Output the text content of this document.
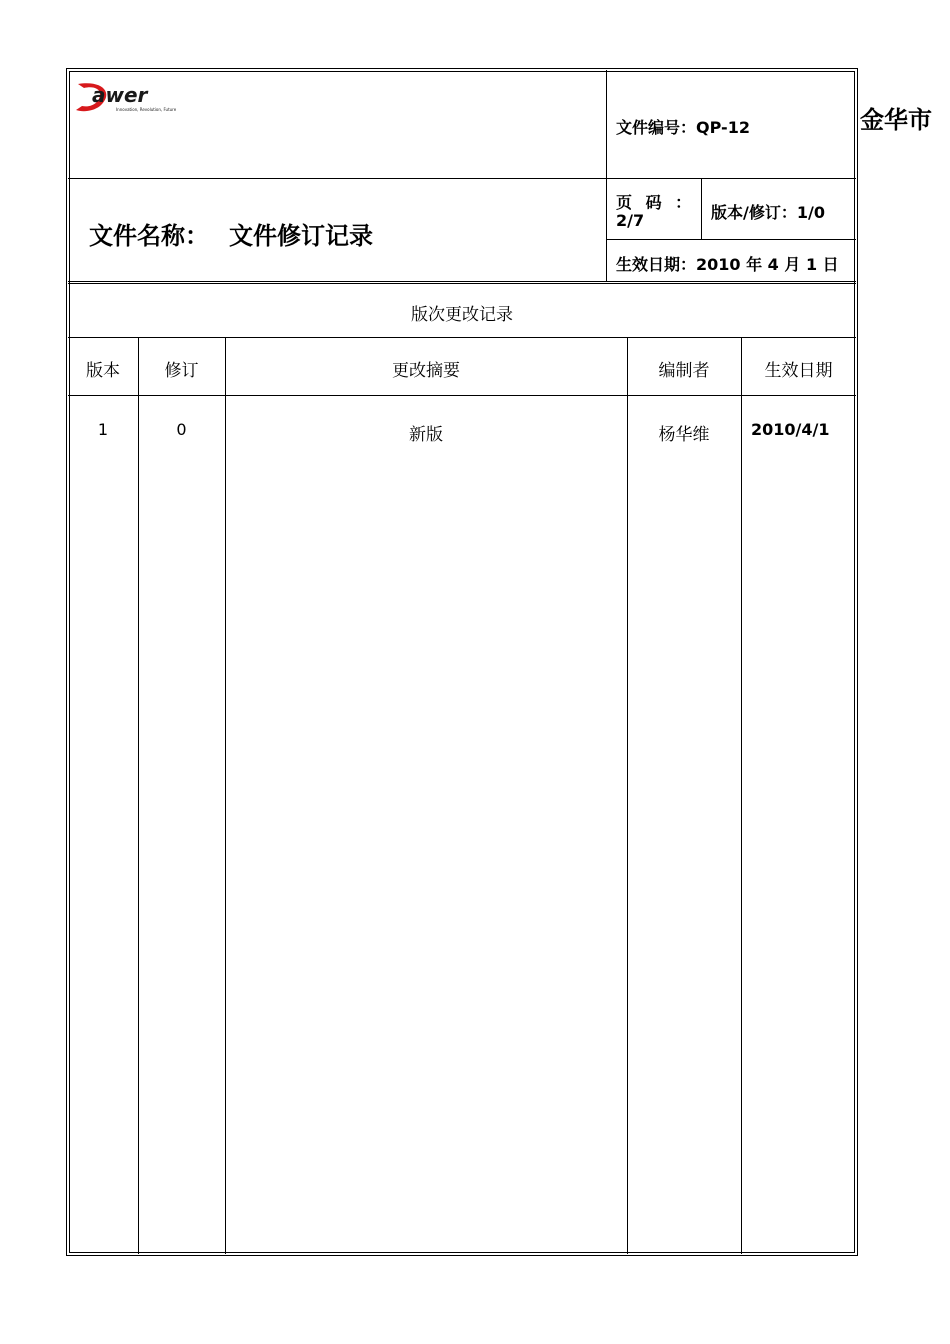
金华市
awer
Innovation, Revolution, Future
文件编号：QP-12
文件名称： 文件修订记录
页 码 ：
2/7	版本/修订：1/0
生效日期：2010 年 4 月 1 日
版次更改记录
版本	修订	更改摘要	编制者	生效日期
1	0	新版	杨华维	2010/4/1
